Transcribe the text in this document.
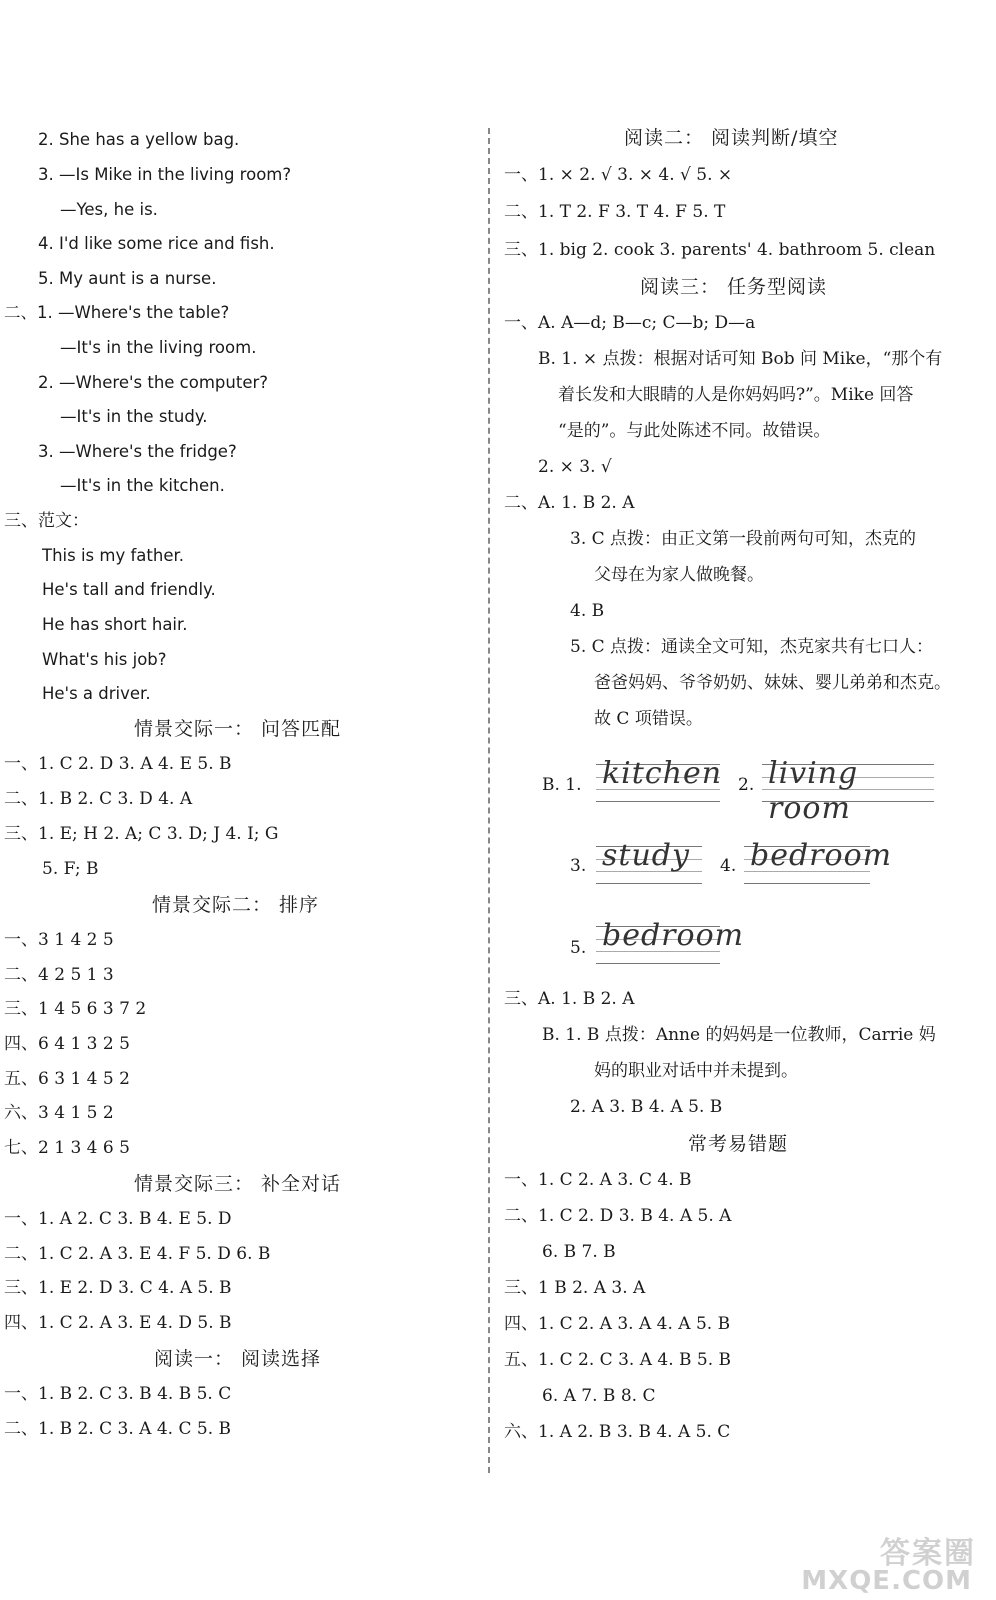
2. She has a yellow bag.
3. —Is Mike in the living room?
—Yes, he is.
4. I'd like some rice and fish.
5. My aunt is a nurse.
二、1. —Where's the table?
—It's in the living room.
2. —Where's the computer?
—It's in the study.
3. —Where's the fridge?
—It's in the kitchen.
三、范文：
This is my father.
He's tall and friendly.
He has short hair.
What's his job?
He's a driver.
情景交际一： 问答匹配
一、1. C 2. D 3. A 4. E 5. B
二、1. B 2. C 3. D 4. A
三、1. E; H 2. A; C 3. D; J 4. I; G
5. F; B
情景交际二： 排序
一、3 1 4 2 5
二、4 2 5 1 3
三、1 4 5 6 3 7 2
四、6 4 1 3 2 5
五、6 3 1 4 5 2
六、3 4 1 5 2
七、2 1 3 4 6 5
情景交际三： 补全对话
一、1. A 2. C 3. B 4. E 5. D
二、1. C 2. A 3. E 4. F 5. D 6. B
三、1. E 2. D 3. C 4. A 5. B
四、1. C 2. A 3. E 4. D 5. B
阅读一： 阅读选择
一、1. B 2. C 3. B 4. B 5. C
二、1. B 2. C 3. A 4. C 5. B
阅读二： 阅读判断/填空
一、1. × 2. √ 3. × 4. √ 5. ×
二、1. T 2. F 3. T 4. F 5. T
三、1. big 2. cook 3. parents' 4. bathroom 5. clean
阅读三： 任务型阅读
一、A. A—d; B—c; C—b; D—a
B. 1. × 点拨：根据对话可知 Bob 问 Mike，“那个有
着长发和大眼睛的人是你妈妈吗?”。Mike 回答
“是的”。与此处陈述不同。故错误。
2. × 3. √
二、A. 1. B 2. A
3. C 点拨：由正文第一段前两句可知，杰克的
父母在为家人做晚餐。
4. B
5. C 点拨：通读全文可知，杰克家共有七口人：
爸爸妈妈、爷爷奶奶、妹妹、婴儿弟弟和杰克。
故 C 项错误。
三、A. 1. B 2. A
B. 1. B 点拨：Anne 的妈妈是一位教师，Carrie 妈
妈的职业对话中并未提到。
2. A 3. B 4. A 5. B
常考易错题
一、1. C 2. A 3. C 4. B
二、1. C 2. D 3. B 4. A 5. A
6. B 7. B
三、1 B 2. A 3. A
四、1. C 2. A 3. A 4. A 5. B
五、1. C 2. C 3. A 4. B 5. B
6. A 7. B 8. C
六、1. A 2. B 3. B 4. A 5. C
B. 1. kitchen 2. living room
3. study 4. bedroom
5. bedroom
答案圈
MXQE.COM
